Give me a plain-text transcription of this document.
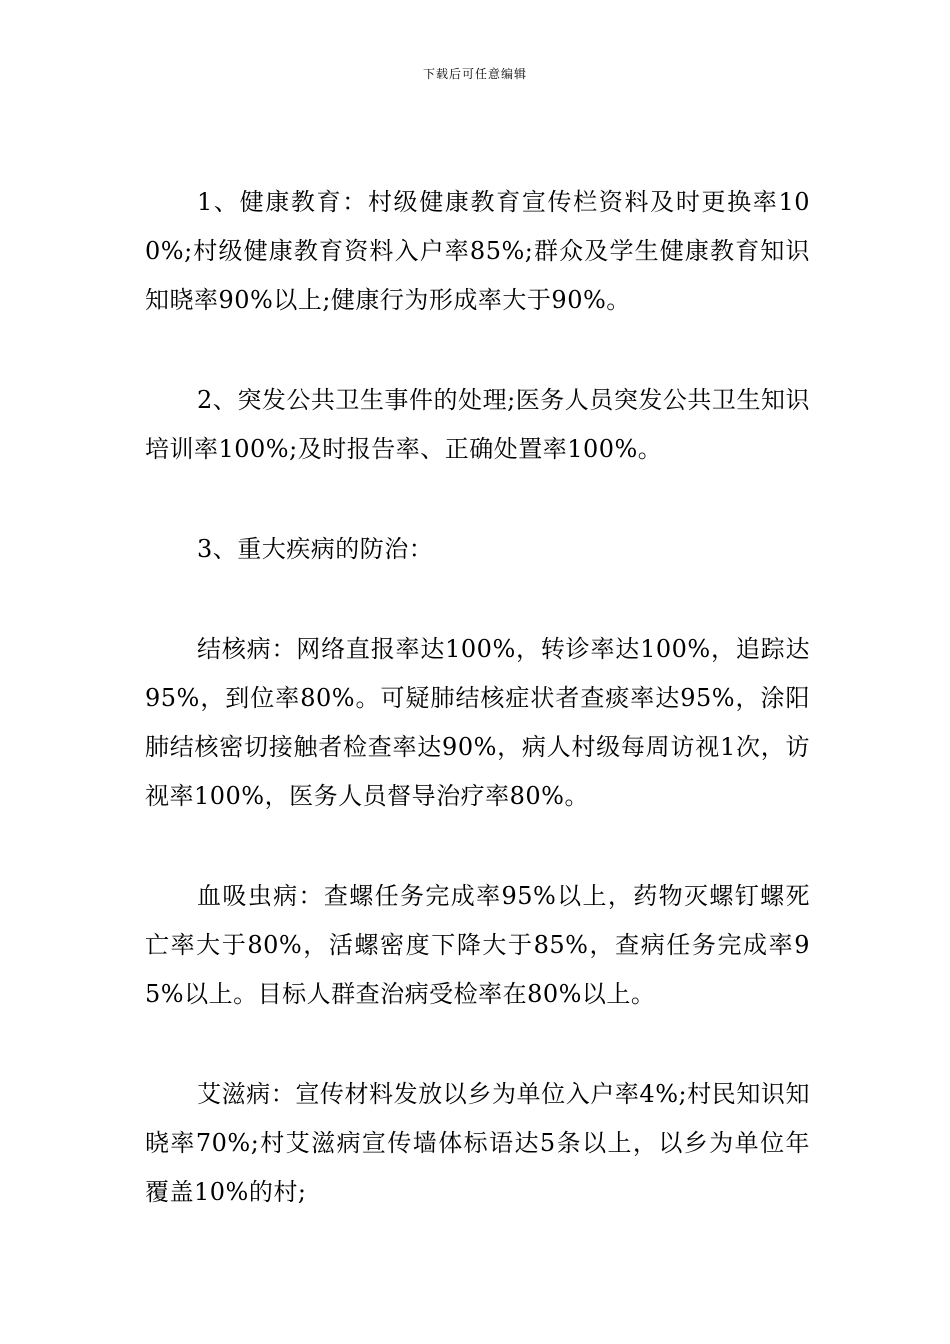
下载后可任意编辑

1、健康教育：村级健康教育宣传栏资料及时更换率100%;村级健康教育资料入户率85%;群众及学生健康教育知识知晓率90%以上;健康行为形成率大于90%。

2、突发公共卫生事件的处理;医务人员突发公共卫生知识培训率100%;及时报告率、正确处置率100%。

3、重大疾病的防治：

结核病：网络直报率达100%，转诊率达100%，追踪达95%，到位率80%。可疑肺结核症状者查痰率达95%，涂阳肺结核密切接触者检查率达90%，病人村级每周访视1次，访视率100%，医务人员督导治疗率80%。

血吸虫病：查螺任务完成率95%以上，药物灭螺钉螺死亡率大于80%，活螺密度下降大于85%，查病任务完成率95%以上。目标人群查治病受检率在80%以上。

艾滋病：宣传材料发放以乡为单位入户率4%;村民知识知晓率70%;村艾滋病宣传墙体标语达5条以上，以乡为单位年覆盖10%的村;
